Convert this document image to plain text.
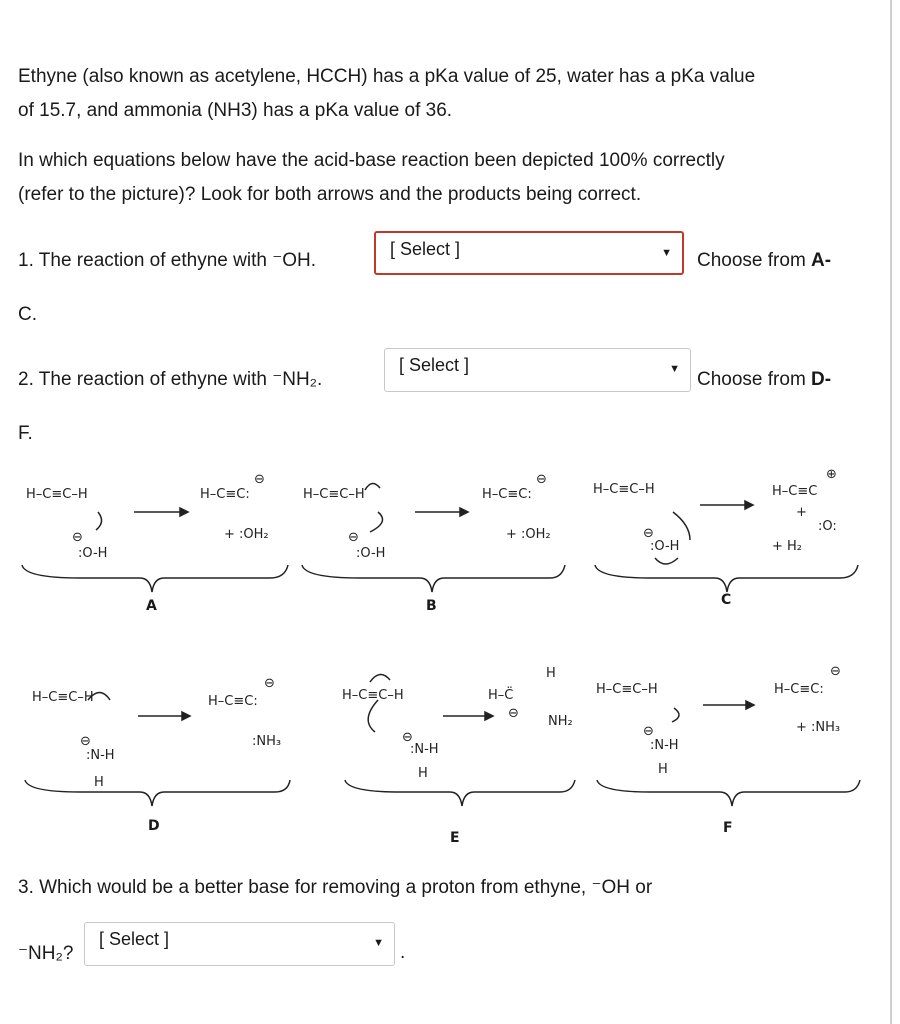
Ethyne (also known as acetylene, HCCH) has a pKa value of 25, water has a pKa value
of 15.7, and ammonia (NH3) has a pKa value of 36.
In which equations below have the acid-base reaction been depicted 100% correctly
(refer to the picture)? Look for both arrows and the products being correct.
1. The reaction of ethyne with ⁻OH.
[ Select ]	▼ Choose from A-
C.
2. The reaction of ethyne with ⁻NH₂.
[ Select ]	▼ Choose from D-
F.
H–C≡C–H
⊖
:O-H
H–C≡C:
⊖
+ :OH₂
H–C≡C–H
⊖
:O-H
H–C≡C:
⊖
+ :OH₂
H–C≡C–H
⊖
:O-H
H–C≡C
⊕
+
:O:
+ H₂
A	B	C
H–C≡C–H
⊖
:N-H
H
H–C≡C:
⊖
:NH₃
H–C≡C–H
⊖
:N-H
H
H–C̈
H
⊖
NH₂
H–C≡C–H
⊖
:N-H
H
H–C≡C:
⊖
+ :NH₃
D
E
F
3. Which would be a better base for removing a proton from ethyne, ⁻OH or
⁻NH₂?
[ Select ]	▼ .
